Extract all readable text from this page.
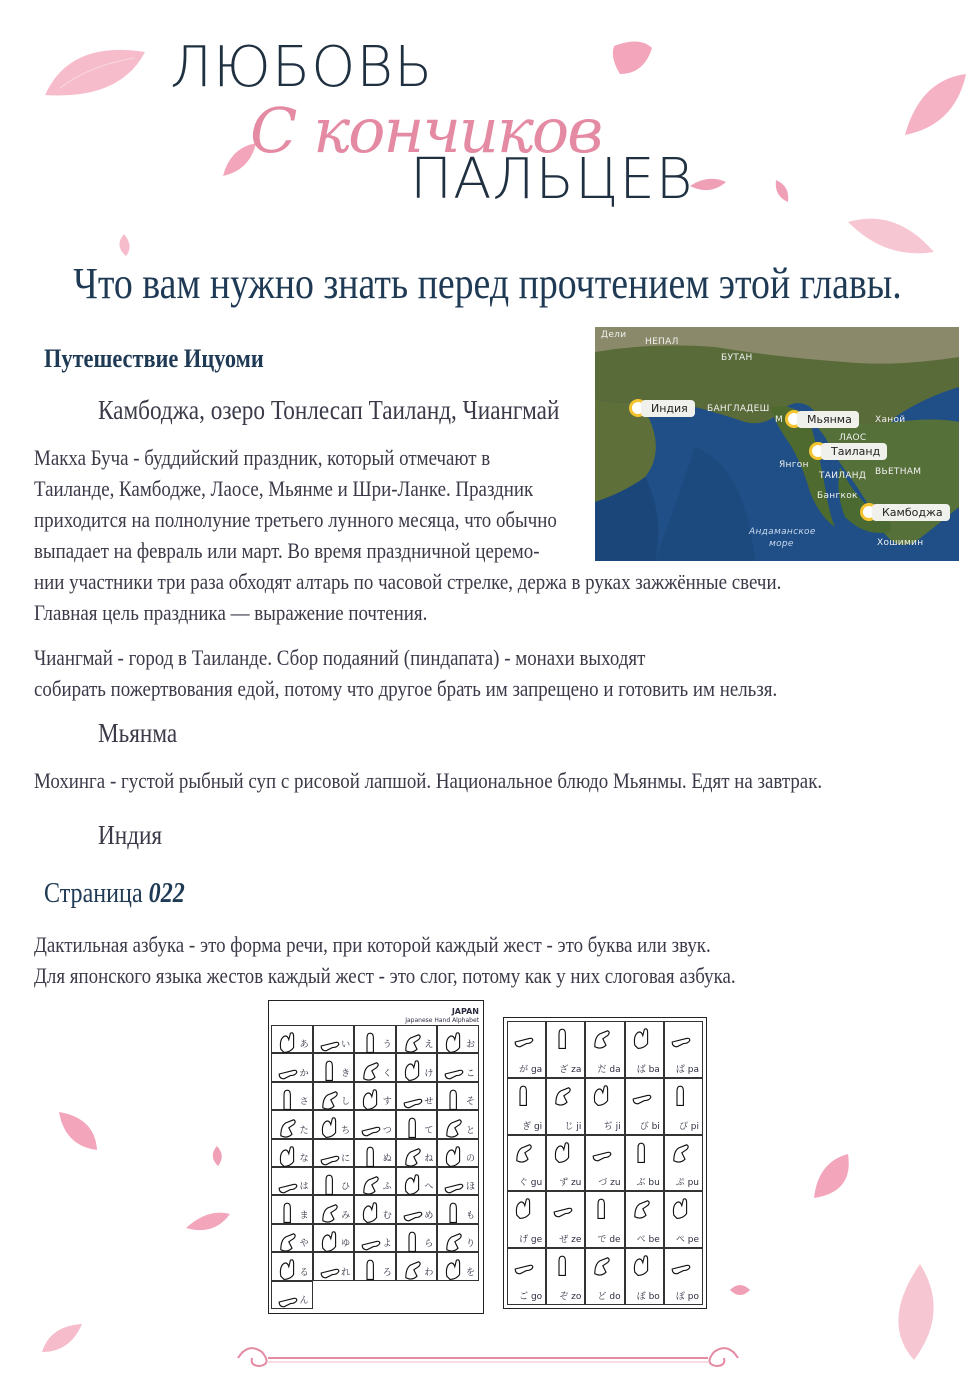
ЛЮБОВЬ
С кончиков
ПАЛЬЦЕВ
Что вам нужно знать перед прочтением этой главы.
Путешествие Ицуоми
Камбоджа, озеро Тонлесап Таиланд, Чиангмай
Макха Буча - буддийский праздник, который отмечают в
Таиланде, Камбодже, Лаосе, Мьянме и Шри-Ланке. Праздник
приходится на полнолуние третьего лунного месяца, что обычно
выпадает на февраль или март. Во время праздничной церемо-
нии участники три раза обходят алтарь по часовой стрелке, держа в руках зажжённые свечи.
Главная цель праздника — выражение почтения.
Чиангмай - город в Таиланде. Сбор подаяний (пиндапата) - монахи выходят
собирать пожертвования едой, потому что другое брать им запрещено и готовить им нельзя.
Мьянма
Мохинга - густой рыбный суп с рисовой лапшой. Национальное блюдо Мьянмы. Едят на завтрак.
Индия
Страница 022
Дактильная азбука - это форма речи, при которой каждый жест - это буква или звук.
Для японского языка жестов каждый жест - это слог, потому как у них слоговая азбука.
Дели
НЕПАЛ
БУТАН
БАНГЛАДЕШ
М	Ханой
ЛАОС
ВЬЕТНАМ
Янгон
ТАИЛАНД
Бангкок
Андаманское
море	Хошимин
Индия
Мьянма
Таиланд
Камбоджа
JAPAN
Japanese Hand Alphabet
あ	い	う	え	お
か	き	く	け	こ
さ	し	す	せ	そ
た	ち	つ	て	と
な	に	ぬ	ね	の
は	ひ	ふ	へ	ほ
ま	み	む	め	も
や	ゆ	よ	ら	り
る	れ	ろ	わ	を
ん
が ga ざ za だ da ば ba ぱ pa
ぎ gi じ ji ぢ ji び bi ぴ pi
ぐ gu ず zu づ zu ぶ bu ぷ pu
げ ge ぜ ze で de べ be ぺ pe
ご go ぞ zo ど do ぼ bo ぽ po
